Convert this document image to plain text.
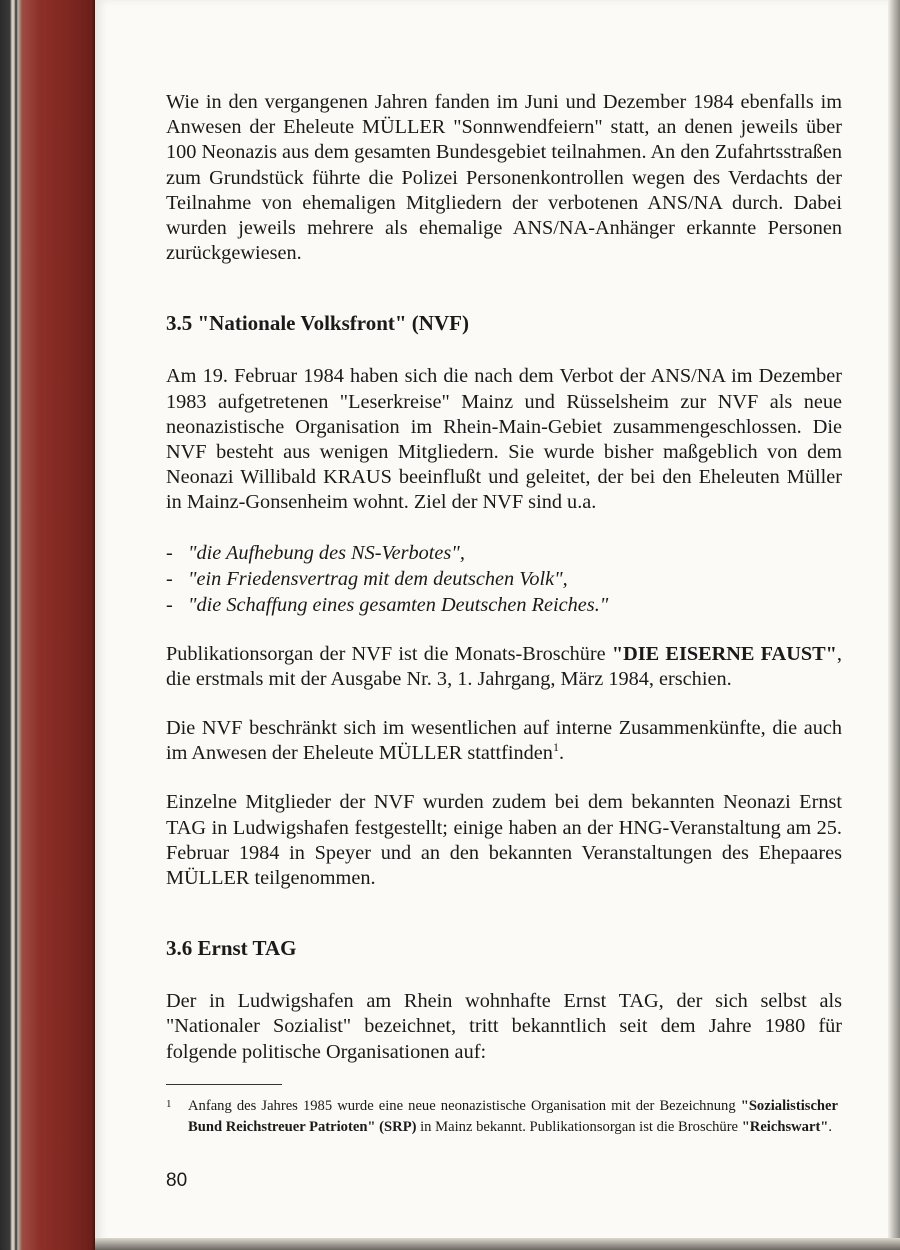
Wie in den vergangenen Jahren fanden im Juni und Dezember 1984 ebenfalls im Anwesen der Eheleute MÜLLER "Sonnwendfeiern" statt, an denen jeweils über 100 Neonazis aus dem gesamten Bundesgebiet teilnahmen. An den Zufahrtsstraßen zum Grundstück führte die Polizei Personenkontrollen wegen des Verdachts der Teilnahme von ehemaligen Mitgliedern der verbotenen ANS/NA durch. Dabei wurden jeweils mehrere als ehemalige ANS/NA-Anhänger erkannte Personen zurückgewiesen.

3.5 "Nationale Volksfront" (NVF)

Am 19. Februar 1984 haben sich die nach dem Verbot der ANS/NA im Dezember 1983 aufgetretenen "Leserkreise" Mainz und Rüsselsheim zur NVF als neue neonazistische Organisation im Rhein-Main-Gebiet zusammengeschlossen. Die NVF besteht aus wenigen Mitgliedern. Sie wurde bisher maßgeblich von dem Neonazi Willibald KRAUS beeinflußt und geleitet, der bei den Eheleuten Müller in Mainz-Gonsenheim wohnt. Ziel der NVF sind u.a.

- "die Aufhebung des NS-Verbotes",
- "ein Friedensvertrag mit dem deutschen Volk",
- "die Schaffung eines gesamten Deutschen Reiches."

Publikationsorgan der NVF ist die Monats-Broschüre "DIE EISERNE FAUST", die erstmals mit der Ausgabe Nr. 3, 1. Jahrgang, März 1984, erschien.

Die NVF beschränkt sich im wesentlichen auf interne Zusammenkünfte, die auch im Anwesen der Eheleute MÜLLER stattfinden$^1$.

Einzelne Mitglieder der NVF wurden zudem bei dem bekannten Neonazi Ernst TAG in Ludwigshafen festgestellt; einige haben an der HNG-Veranstaltung am 25. Februar 1984 in Speyer und an den bekannten Veranstaltungen des Ehepaares MÜLLER teilgenommen.

3.6 Ernst TAG

Der in Ludwigshafen am Rhein wohnhafte Ernst TAG, der sich selbst als "Nationaler Sozialist" bezeichnet, tritt bekanntlich seit dem Jahre 1980 für folgende politische Organisationen auf:

1 Anfang des Jahres 1985 wurde eine neue neonazistische Organisation mit der Bezeichnung "Sozialistischer Bund Reichstreuer Patrioten" (SRP) in Mainz bekannt. Publikationsorgan ist die Broschüre "Reichswart".
80
